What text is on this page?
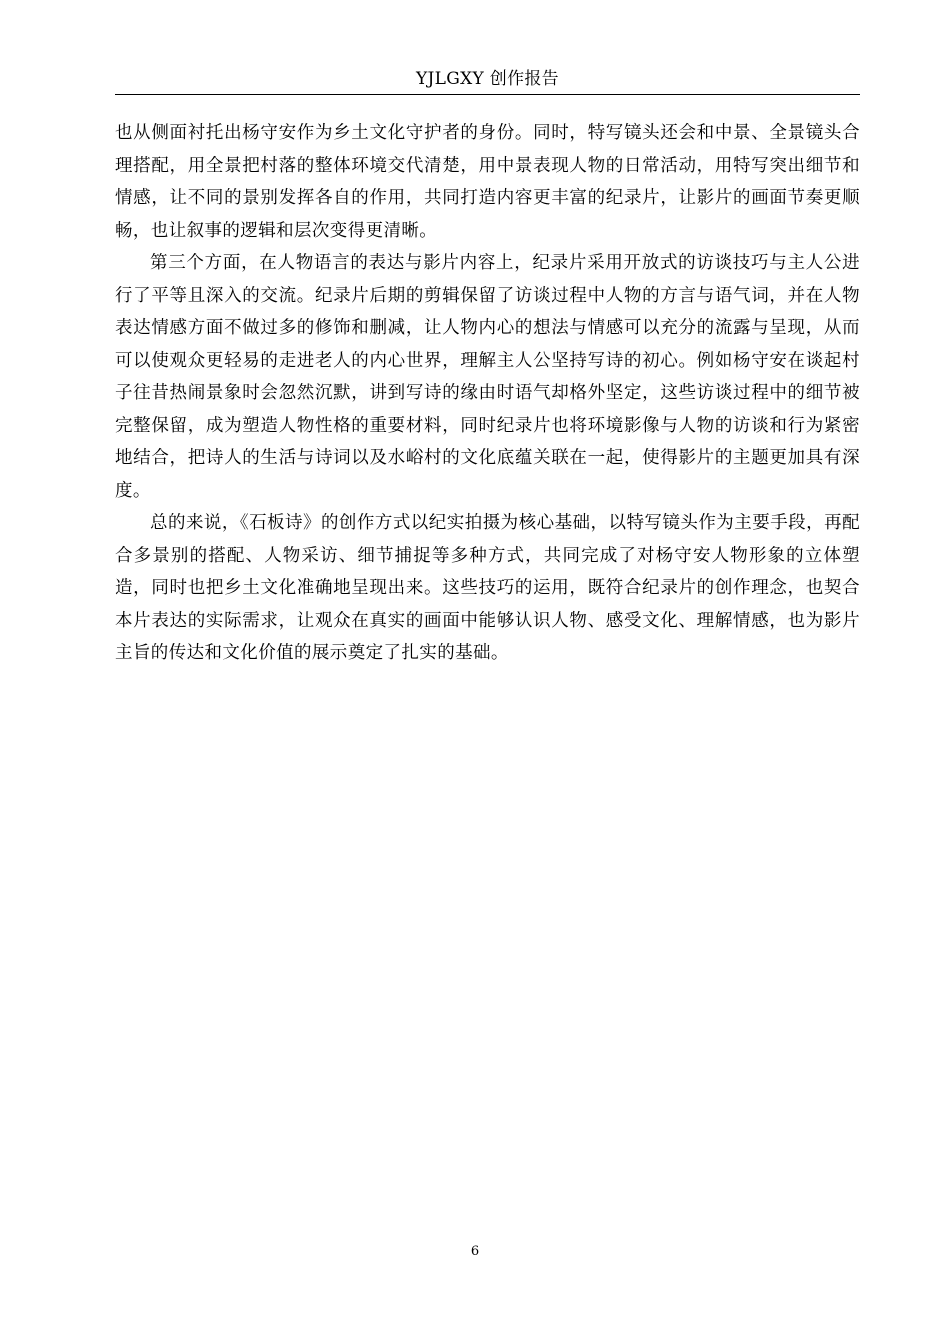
YJLGXY 创作报告

也从侧面衬托出杨守安作为乡土文化守护者的身份。同时，特写镜头还会和中景、全景镜头合理搭配，用全景把村落的整体环境交代清楚，用中景表现人物的日常活动，用特写突出细节和情感，让不同的景别发挥各自的作用，共同打造内容更丰富的纪录片，让影片的画面节奏更顺畅，也让叙事的逻辑和层次变得更清晰。

第三个方面，在人物语言的表达与影片内容上，纪录片采用开放式的访谈技巧与主人公进行了平等且深入的交流。纪录片后期的剪辑保留了访谈过程中人物的方言与语气词，并在人物表达情感方面不做过多的修饰和删减，让人物内心的想法与情感可以充分的流露与呈现，从而可以使观众更轻易的走进老人的内心世界，理解主人公坚持写诗的初心。例如杨守安在谈起村子往昔热闹景象时会忽然沉默，讲到写诗的缘由时语气却格外坚定，这些访谈过程中的细节被完整保留，成为塑造人物性格的重要材料，同时纪录片也将环境影像与人物的访谈和行为紧密地结合，把诗人的生活与诗词以及水峪村的文化底蕴关联在一起，使得影片的主题更加具有深度。

总的来说，《石板诗》的创作方式以纪实拍摄为核心基础，以特写镜头作为主要手段，再配合多景别的搭配、人物采访、细节捕捉等多种方式，共同完成了对杨守安人物形象的立体塑造，同时也把乡土文化准确地呈现出来。这些技巧的运用，既符合纪录片的创作理念，也契合本片表达的实际需求，让观众在真实的画面中能够认识人物、感受文化、理解情感，也为影片主旨的传达和文化价值的展示奠定了扎实的基础。

6
